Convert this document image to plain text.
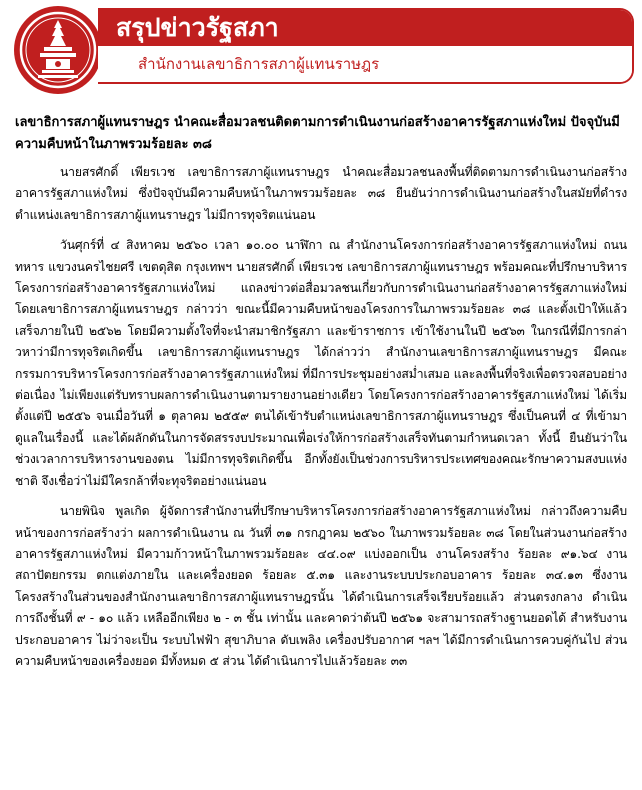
สรุปข่าวรัฐสภา
สำนักงานเลขาธิการสภาผู้แทนราษฎร

เลขาธิการสภาผู้แทนราษฎร นำคณะสื่อมวลชนติดตามการดำเนินงานก่อสร้างอาคารรัฐสภาแห่งใหม่ ปัจจุบันมีความคืบหน้าในภาพรวมร้อยละ ๓๘

นายสรศักดิ์ เพียรเวช เลขาธิการสภาผู้แทนราษฎร นำคณะสื่อมวลชนลงพื้นที่ติดตามการดำเนินงานก่อสร้างอาคารรัฐสภาแห่งใหม่ ซึ่งปัจจุบันมีความคืบหน้าในภาพรวมร้อยละ ๓๘ ยืนยันว่าการดำเนินงานก่อสร้างในสมัยที่ดำรงตำแหน่งเลขาธิการสภาผู้แทนราษฎร ไม่มีการทุจริตแน่นอน

วันศุกร์ที่ ๔ สิงหาคม ๒๕๖๐ เวลา ๑๐.๐๐ นาฬิกา ณ สำนักงานโครงการก่อสร้างอาคารรัฐสภาแห่งใหม่ ถนนทหาร แขวงนครไชยศรี เขตดุสิต กรุงเทพฯ นายสรศักดิ์ เพียรเวช เลขาธิการสภาผู้แทนราษฎร พร้อมคณะที่ปรึกษาบริหารโครงการก่อสร้างอาคารรัฐสภาแห่งใหม่ แถลงข่าวต่อสื่อมวลชนเกี่ยวกับการดำเนินงานก่อสร้างอาคารรัฐสภาแห่งใหม่ โดยเลขาธิการสภาผู้แทนราษฎร กล่าวว่า ขณะนี้มีความคืบหน้าของโครงการในภาพรวมร้อยละ ๓๘ และตั้งเป้าให้แล้วเสร็จภายในปี ๒๕๖๒ โดยมีความตั้งใจที่จะนำสมาชิกรัฐสภา และข้าราชการ เข้าใช้งานในปี ๒๕๖๓ ในกรณีที่มีการกล่าวหาว่ามีการทุจริตเกิดขึ้น เลขาธิการสภาผู้แทนราษฎร ได้กล่าวว่า สำนักงานเลขาธิการสภาผู้แทนราษฎร มีคณะกรรมการบริหารโครงการก่อสร้างอาคารรัฐสภาแห่งใหม่ ที่มีการประชุมอย่างสม่ำเสมอ และลงพื้นที่จริงเพื่อตรวจสอบอย่างต่อเนื่อง ไม่เพียงแต่รับทราบผลการดำเนินงานตามรายงานอย่างเดียว โดยโครงการก่อสร้างอาคารรัฐสภาแห่งใหม่ ได้เริ่มตั้งแต่ปี ๒๕๕๖ จนเมื่อวันที่ ๑ ตุลาคม ๒๕๕๙ ตนได้เข้ารับตำแหน่งเลขาธิการสภาผู้แทนราษฎร ซึ่งเป็นคนที่ ๔ ที่เข้ามาดูแลในเรื่องนี้ และได้ผลักดันในการจัดสรรงบประมาณเพื่อเร่งให้การก่อสร้างเสร็จทันตามกำหนดเวลา ทั้งนี้ ยืนยันว่าในช่วงเวลาการบริหารงานของตน ไม่มีการทุจริตเกิดขึ้น อีกทั้งยังเป็นช่วงการบริหารประเทศของคณะรักษาความสงบแห่งชาติ จึงเชื่อว่าไม่มีใครกล้าที่จะทุจริตอย่างแน่นอน

นายพินิจ พูลเกิด ผู้จัดการสำนักงานที่ปรึกษาบริหารโครงการก่อสร้างอาคารรัฐสภาแห่งใหม่ กล่าวถึงความคืบหน้าของการก่อสร้างว่า ผลการดำเนินงาน ณ วันที่ ๓๑ กรกฎาคม ๒๕๖๐ ในภาพรวมร้อยละ ๓๘ โดยในส่วนงานก่อสร้างอาคารรัฐสภาแห่งใหม่ มีความก้าวหน้าในภาพรวมร้อยละ ๔๔.๐๙ แบ่งออกเป็น งานโครงสร้าง ร้อยละ ๙๑.๖๔ งานสถาปัตยกรรม ตกแต่งภายใน และเครื่องยอด ร้อยละ ๕.๓๑ และงานระบบประกอบอาคาร ร้อยละ ๓๔.๑๓ ซึ่งงานโครงสร้างในส่วนของสำนักงานเลขาธิการสภาผู้แทนราษฎรนั้น ได้ดำเนินการเสร็จเรียบร้อยแล้ว ส่วนตรงกลาง ดำเนินการถึงชั้นที่ ๙ - ๑๐ แล้ว เหลืออีกเพียง ๒ - ๓ ชั้น เท่านั้น และคาดว่าต้นปี ๒๕๖๑ จะสามารถสร้างฐานยอดได้ สำหรับงานประกอบอาคาร ไม่ว่าจะเป็น ระบบไฟฟ้า สุขาภิบาล ดับเพลิง เครื่องปรับอากาศ ฯลฯ ได้มีการดำเนินการควบคู่กันไป ส่วนความคืบหน้าของเครื่องยอด มีทั้งหมด ๕ ส่วน ได้ดำเนินการไปแล้วร้อยละ ๓๓
